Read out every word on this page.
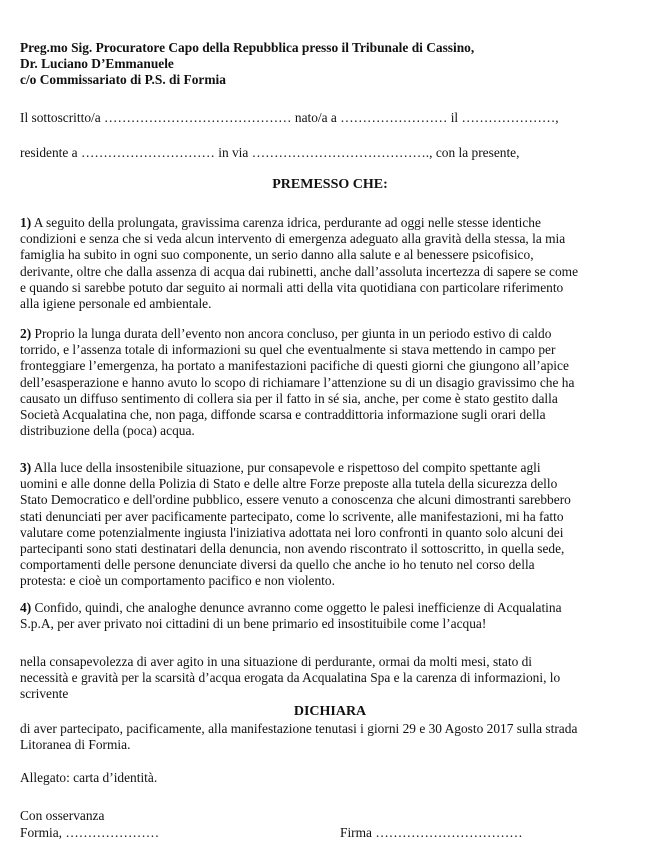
Preg.mo Sig. Procuratore Capo della Repubblica presso il Tribunale di Cassino,
Dr. Luciano D’Emmanuele
c/o Commissariato di P.S. di Formia
Il sottoscritto/a …………………………………… nato/a a …………………… il …………………,
residente a ………………………… in via …………………………………., con la presente,
PREMESSO CHE:
1) A seguito della prolungata, gravissima carenza idrica, perdurante ad oggi nelle stesse identiche
condizioni e senza che si veda alcun intervento di emergenza adeguato alla gravità della stessa, la mia
famiglia ha subito in ogni suo componente, un serio danno alla salute e al benessere psicofisico,
derivante, oltre che dalla assenza di acqua dai rubinetti, anche dall’assoluta incertezza di sapere se come
e quando si sarebbe potuto dar seguito ai normali atti della vita quotidiana con particolare riferimento
alla igiene personale ed ambientale.
2) Proprio la lunga durata dell’evento non ancora concluso, per giunta in un periodo estivo di caldo
torrido, e l’assenza totale di informazioni su quel che eventualmente si stava mettendo in campo per
fronteggiare l’emergenza, ha portato a manifestazioni pacifiche di questi giorni che giungono all’apice
dell’esasperazione e hanno avuto lo scopo di richiamare l’attenzione su di un disagio gravissimo che ha
causato un diffuso sentimento di collera sia per il fatto in sé sia, anche, per come è stato gestito dalla
Società Acqualatina che, non paga, diffonde scarsa e contraddittoria informazione sugli orari della
distribuzione della (poca) acqua.
3) Alla luce della insostenibile situazione, pur consapevole e rispettoso del compito spettante agli
uomini e alle donne della Polizia di Stato e delle altre Forze preposte alla tutela della sicurezza dello
Stato Democratico e dell'ordine pubblico, essere venuto a conoscenza che alcuni dimostranti sarebbero
stati denunciati per aver pacificamente partecipato, come lo scrivente, alle manifestazioni, mi ha fatto
valutare come potenzialmente ingiusta l'iniziativa adottata nei loro confronti in quanto solo alcuni dei
partecipanti sono stati destinatari della denuncia, non avendo riscontrato il sottoscritto, in quella sede,
comportamenti delle persone denunciate diversi da quello che anche io ho tenuto nel corso della
protesta: e cioè un comportamento pacifico e non violento.
4) Confido, quindi, che analoghe denunce avranno come oggetto le palesi inefficienze di Acqualatina
S.p.A, per aver privato noi cittadini di un bene primario ed insostituibile come l’acqua!
nella consapevolezza di aver agito in una situazione di perdurante, ormai da molti mesi, stato di
necessità e gravità per la scarsità d’acqua erogata da Acqualatina Spa e la carenza di informazioni, lo
scrivente
DICHIARA
di aver partecipato, pacificamente, alla manifestazione tenutasi i giorni 29 e 30 Agosto 2017 sulla strada
Litoranea di Formia.
Allegato: carta d’identità.
Con osservanza
Formia, …………………	Firma ……………………………
